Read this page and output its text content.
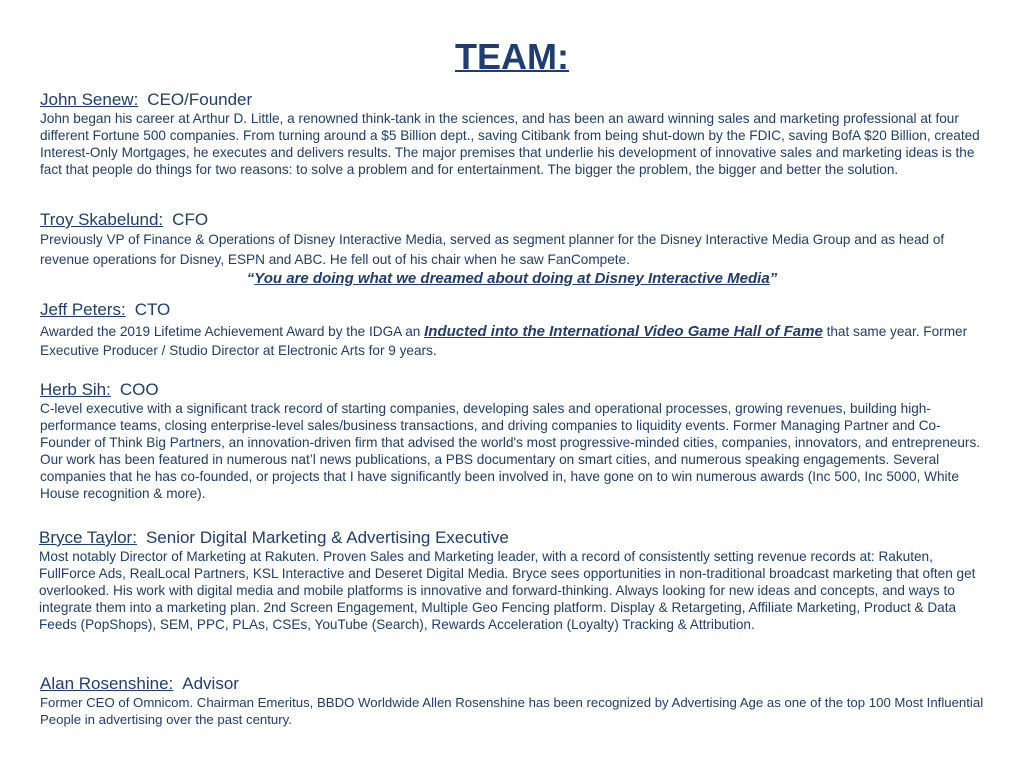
TEAM:
John Senew: CEO/Founder
John began his career at Arthur D. Little, a renowned think-tank in the sciences, and has been an award winning sales and marketing professional at four different Fortune 500 companies. From turning around a $5 Billion dept., saving Citibank from being shut-down by the FDIC, saving BofA $20 Billion, created Interest-Only Mortgages, he executes and delivers results. The major premises that underlie his development of innovative sales and marketing ideas is the fact that people do things for two reasons: to solve a problem and for entertainment. The bigger the problem, the bigger and better the solution.
Troy Skabelund: CFO
Previously VP of Finance & Operations of Disney Interactive Media, served as segment planner for the Disney Interactive Media Group and as head of revenue operations for Disney, ESPN and ABC. He fell out of his chair when he saw FanCompete.
“You are doing what we dreamed about doing at Disney Interactive Media”
Jeff Peters: CTO
Awarded the 2019 Lifetime Achievement Award by the IDGA an Inducted into the International Video Game Hall of Fame that same year. Former Executive Producer / Studio Director at Electronic Arts for 9 years.
Herb Sih: COO
C-level executive with a significant track record of starting companies, developing sales and operational processes, growing revenues, building high-performance teams, closing enterprise-level sales/business transactions, and driving companies to liquidity events. Former Managing Partner and Co-Founder of Think Big Partners, an innovation-driven firm that advised the world's most progressive-minded cities, companies, innovators, and entrepreneurs. Our work has been featured in numerous nat’l news publications, a PBS documentary on smart cities, and numerous speaking engagements. Several companies that he has co-founded, or projects that I have significantly been involved in, have gone on to win numerous awards (Inc 500, Inc 5000, White House recognition & more).
Bryce Taylor: Senior Digital Marketing & Advertising Executive
Most notably Director of Marketing at Rakuten. Proven Sales and Marketing leader, with a record of consistently setting revenue records at: Rakuten, FullForce Ads, RealLocal Partners, KSL Interactive and Deseret Digital Media. Bryce sees opportunities in non-traditional broadcast marketing that often get overlooked. His work with digital media and mobile platforms is innovative and forward-thinking. Always looking for new ideas and concepts, and ways to integrate them into a marketing plan. 2nd Screen Engagement, Multiple Geo Fencing platform. Display & Retargeting, Affiliate Marketing, Product & Data Feeds (PopShops), SEM, PPC, PLAs, CSEs, YouTube (Search), Rewards Acceleration (Loyalty) Tracking & Attribution.
Alan Rosenshine: Advisor
Former CEO of Omnicom. Chairman Emeritus, BBDO Worldwide Allen Rosenshine has been recognized by Advertising Age as one of the top 100 Most Influential People in advertising over the past century.
